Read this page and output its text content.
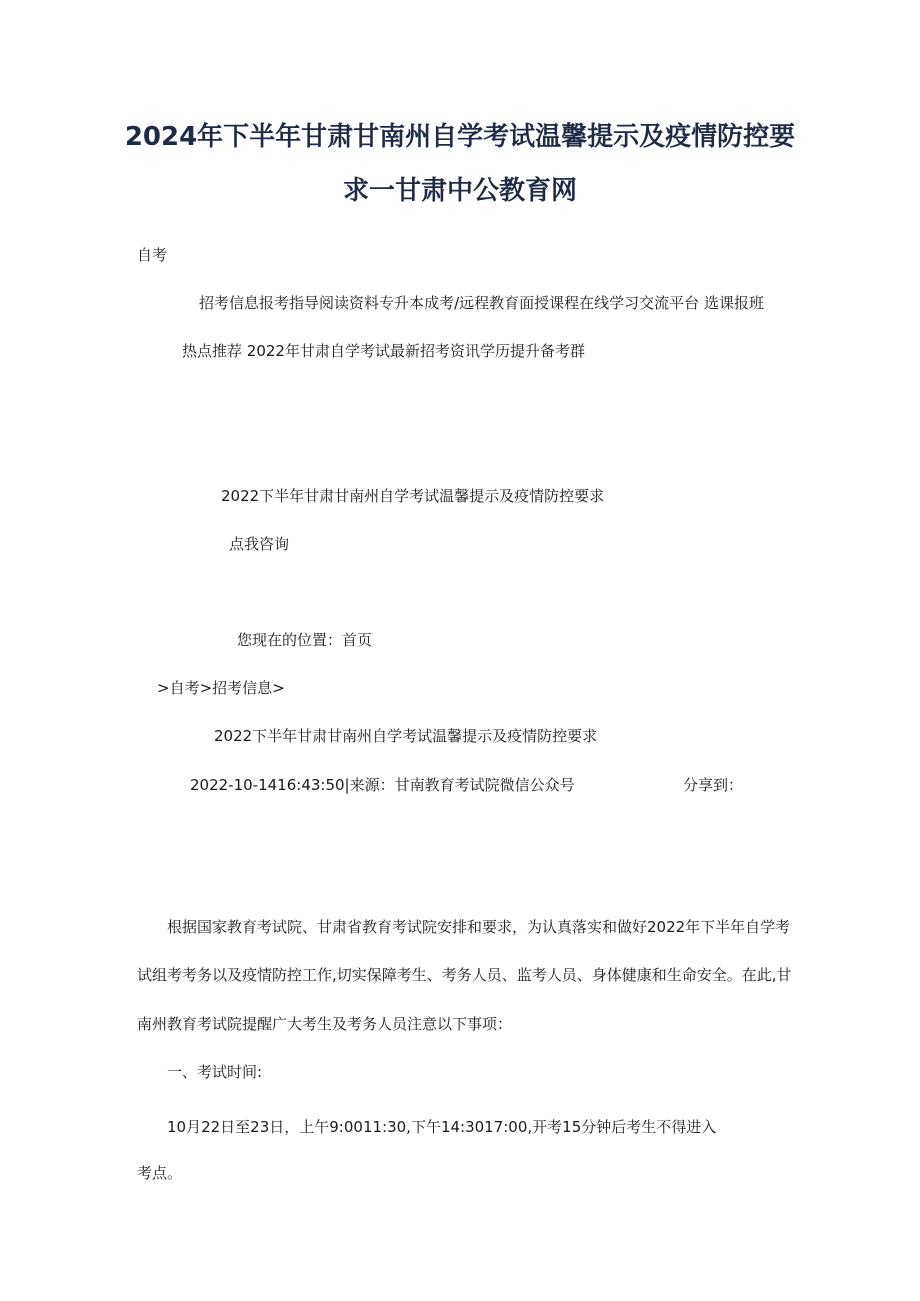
2024年下半年甘肃甘南州自学考试温馨提示及疫情防控要
求一甘肃中公教育网
自考
招考信息报考指导阅读资料专升本成考/远程教育面授课程在线学习交流平台 选课报班
热点推荐 2022年甘肃自学考试最新招考资讯学历提升备考群
2022下半年甘肃甘南州自学考试温馨提示及疫情防控要求
点我咨询
您现在的位置：首页
>自考>招考信息>
2022下半年甘肃甘南州自学考试温馨提示及疫情防控要求
2022-10-1416:43:50|来源：甘南教育考试院微信公众号	分享到：
根据国家教育考试院、甘肃省教育考试院安排和要求，为认真落实和做好2022年下半年自学考
试组考考务以及疫情防控工作,切实保障考生、考务人员、监考人员、身体健康和生命安全。在此,甘
南州教育考试院提醒广大考生及考务人员注意以下事项：
一、考试时间:
10月22日至23日，上午9:0011:30,下午14:3017:00,开考15分钟后考生不得进入
考点。
